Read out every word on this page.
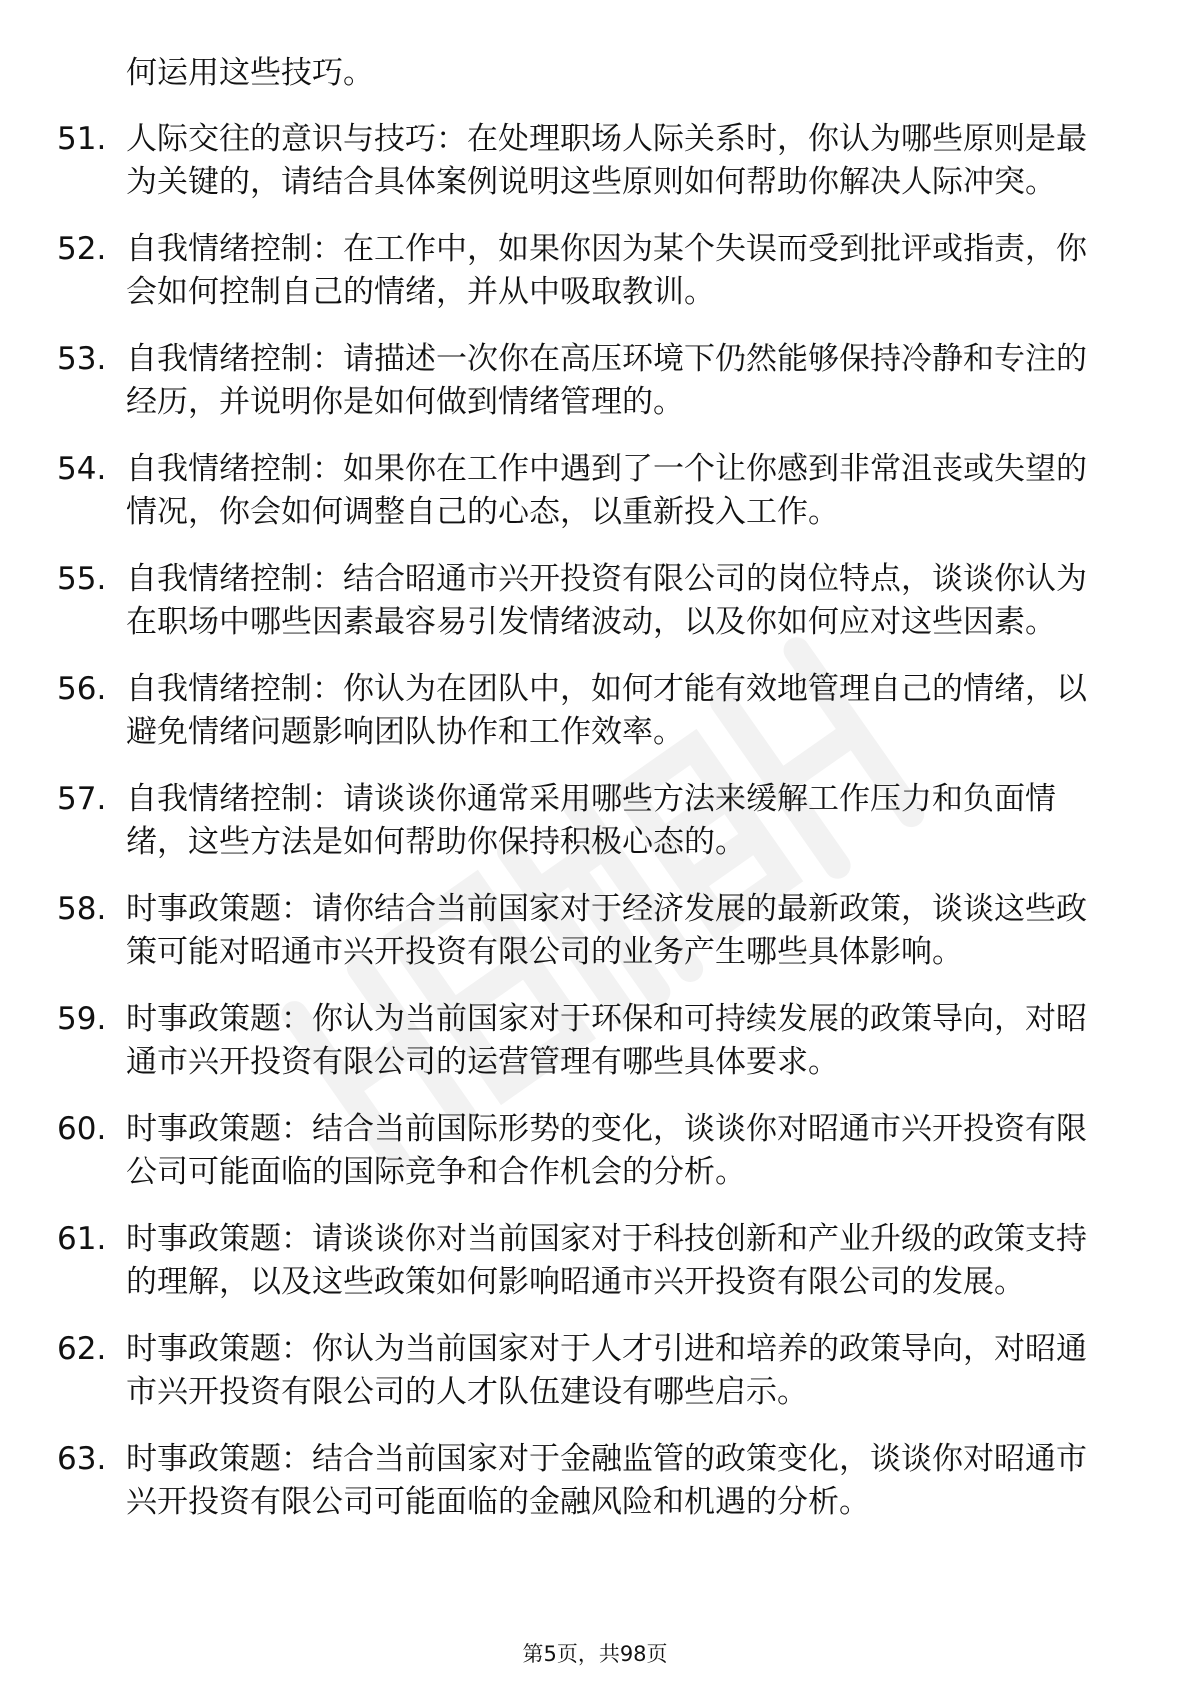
何运用这些技巧。
51. 人际交往的意识与技巧：在处理职场人际关系时，你认为哪些原则是最为关键的，请结合具体案例说明这些原则如何帮助你解决人际冲突。
52. 自我情绪控制：在工作中，如果你因为某个失误而受到批评或指责，你会如何控制自己的情绪，并从中吸取教训。
53. 自我情绪控制：请描述一次你在高压环境下仍然能够保持冷静和专注的经历，并说明你是如何做到情绪管理的。
54. 自我情绪控制：如果你在工作中遇到了一个让你感到非常沮丧或失望的情况，你会如何调整自己的心态，以重新投入工作。
55. 自我情绪控制：结合昭通市兴开投资有限公司的岗位特点，谈谈你认为在职场中哪些因素最容易引发情绪波动，以及你如何应对这些因素。
56. 自我情绪控制：你认为在团队中，如何才能有效地管理自己的情绪，以避免情绪问题影响团队协作和工作效率。
57. 自我情绪控制：请谈谈你通常采用哪些方法来缓解工作压力和负面情绪，这些方法是如何帮助你保持积极心态的。
58. 时事政策题：请你结合当前国家对于经济发展的最新政策，谈谈这些政策可能对昭通市兴开投资有限公司的业务产生哪些具体影响。
59. 时事政策题：你认为当前国家对于环保和可持续发展的政策导向，对昭通市兴开投资有限公司的运营管理有哪些具体要求。
60. 时事政策题：结合当前国际形势的变化，谈谈你对昭通市兴开投资有限公司可能面临的国际竞争和合作机会的分析。
61. 时事政策题：请谈谈你对当前国家对于科技创新和产业升级的政策支持的理解，以及这些政策如何影响昭通市兴开投资有限公司的发展。
62. 时事政策题：你认为当前国家对于人才引进和培养的政策导向，对昭通市兴开投资有限公司的人才队伍建设有哪些启示。
63. 时事政策题：结合当前国家对于金融监管的政策变化，谈谈你对昭通市兴开投资有限公司可能面临的金融风险和机遇的分析。
第5页，共98页
